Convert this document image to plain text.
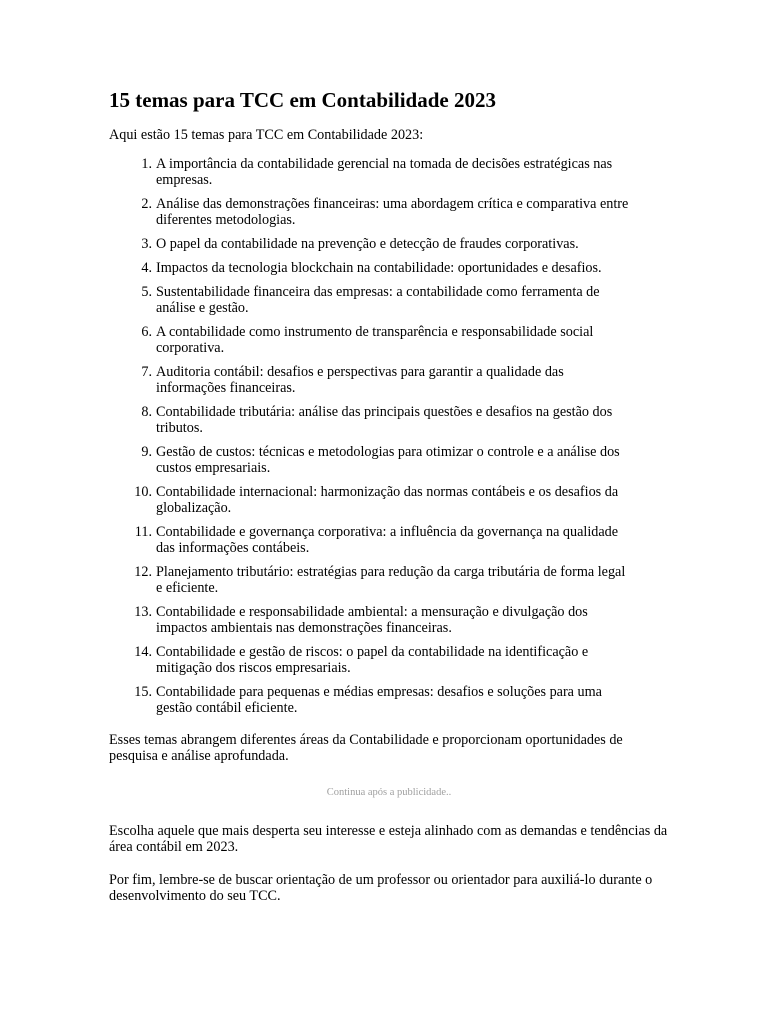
15 temas para TCC em Contabilidade 2023

Aqui estão 15 temas para TCC em Contabilidade 2023:

1. A importância da contabilidade gerencial na tomada de decisões estratégicas nas empresas.
2. Análise das demonstrações financeiras: uma abordagem crítica e comparativa entre diferentes metodologias.
3. O papel da contabilidade na prevenção e detecção de fraudes corporativas.
4. Impactos da tecnologia blockchain na contabilidade: oportunidades e desafios.
5. Sustentabilidade financeira das empresas: a contabilidade como ferramenta de análise e gestão.
6. A contabilidade como instrumento de transparência e responsabilidade social corporativa.
7. Auditoria contábil: desafios e perspectivas para garantir a qualidade das informações financeiras.
8. Contabilidade tributária: análise das principais questões e desafios na gestão dos tributos.
9. Gestão de custos: técnicas e metodologias para otimizar o controle e a análise dos custos empresariais.
10. Contabilidade internacional: harmonização das normas contábeis e os desafios da globalização.
11. Contabilidade e governança corporativa: a influência da governança na qualidade das informações contábeis.
12. Planejamento tributário: estratégias para redução da carga tributária de forma legal e eficiente.
13. Contabilidade e responsabilidade ambiental: a mensuração e divulgação dos impactos ambientais nas demonstrações financeiras.
14. Contabilidade e gestão de riscos: o papel da contabilidade na identificação e mitigação dos riscos empresariais.
15. Contabilidade para pequenas e médias empresas: desafios e soluções para uma gestão contábil eficiente.

Esses temas abrangem diferentes áreas da Contabilidade e proporcionam oportunidades de pesquisa e análise aprofundada.

Continua após a publicidade..

Escolha aquele que mais desperta seu interesse e esteja alinhado com as demandas e tendências da área contábil em 2023.

Por fim, lembre-se de buscar orientação de um professor ou orientador para auxiliá-lo durante o desenvolvimento do seu TCC.
